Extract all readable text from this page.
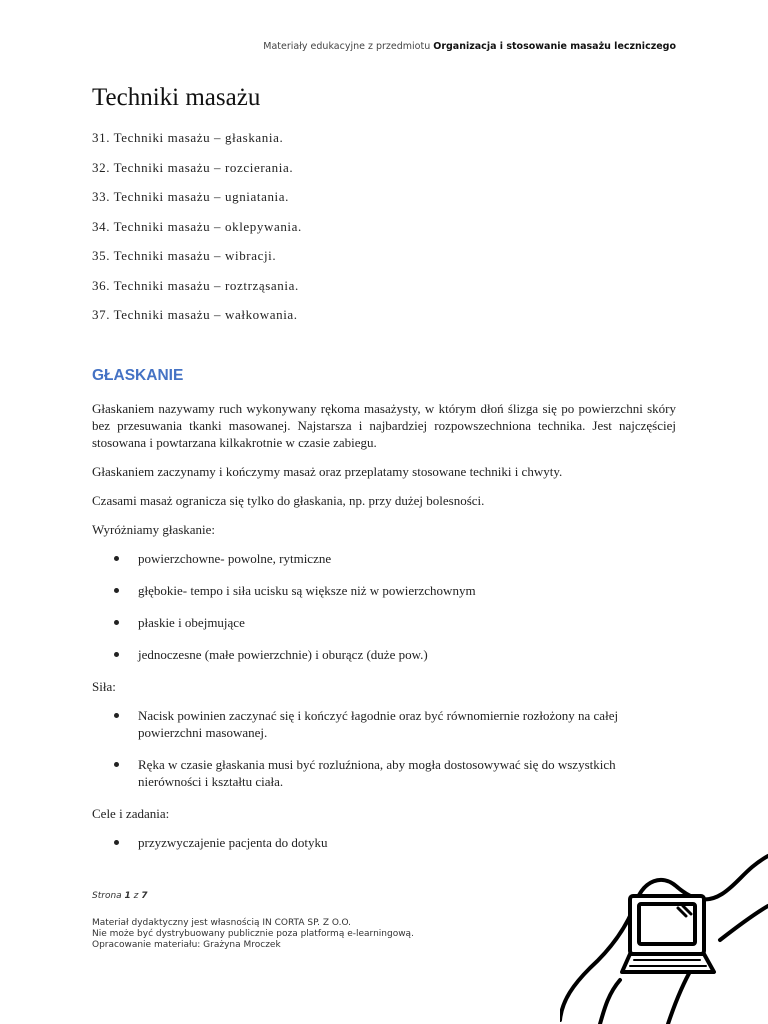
Materiały edukacyjne z przedmiotu Organizacja i stosowanie masażu leczniczego
Techniki masażu
31. Techniki masażu – głaskania.
32. Techniki masażu – rozcierania.
33. Techniki masażu – ugniatania.
34. Techniki masażu – oklepywania.
35. Techniki masażu – wibracji.
36. Techniki masażu – roztrząsania.
37. Techniki masażu – wałkowania.
GŁASKANIE

Głaskaniem nazywamy ruch wykonywany rękoma masażysty, w którym dłoń ślizga się po powierzchni skóry bez przesuwania tkanki masowanej. Najstarsza i najbardziej rozpowszechniona technika. Jest najczęściej stosowana i powtarzana kilkakrotnie w czasie zabiegu.

Głaskaniem zaczynamy i kończymy masaż oraz przeplatamy stosowane techniki i chwyty.

Czasami masaż ogranicza się tylko do głaskania, np. przy dużej bolesności.

Wyróżniamy głaskanie:

powierzchowne- powolne, rytmiczne
głębokie- tempo i siła ucisku są większe niż w powierzchownym
płaskie i obejmujące
jednoczesne (małe powierzchnie) i oburącz (duże pow.)

Siła:

Nacisk powinien zaczynać się i kończyć łagodnie oraz być równomiernie rozłożony na całej powierzchni masowanej.
Ręka w czasie głaskania musi być rozluźniona, aby mogła dostosowywać się do wszystkich nierówności i kształtu ciała.

Cele i zadania:

przyzwyczajenie pacjenta do dotyku
Strona 1 z 7
Materiał dydaktyczny jest własnością IN CORTA SP. Z O.O.
Nie może być dystrybuowany publicznie poza platformą e-learningową.
Opracowanie materiału: Grażyna Mroczek
